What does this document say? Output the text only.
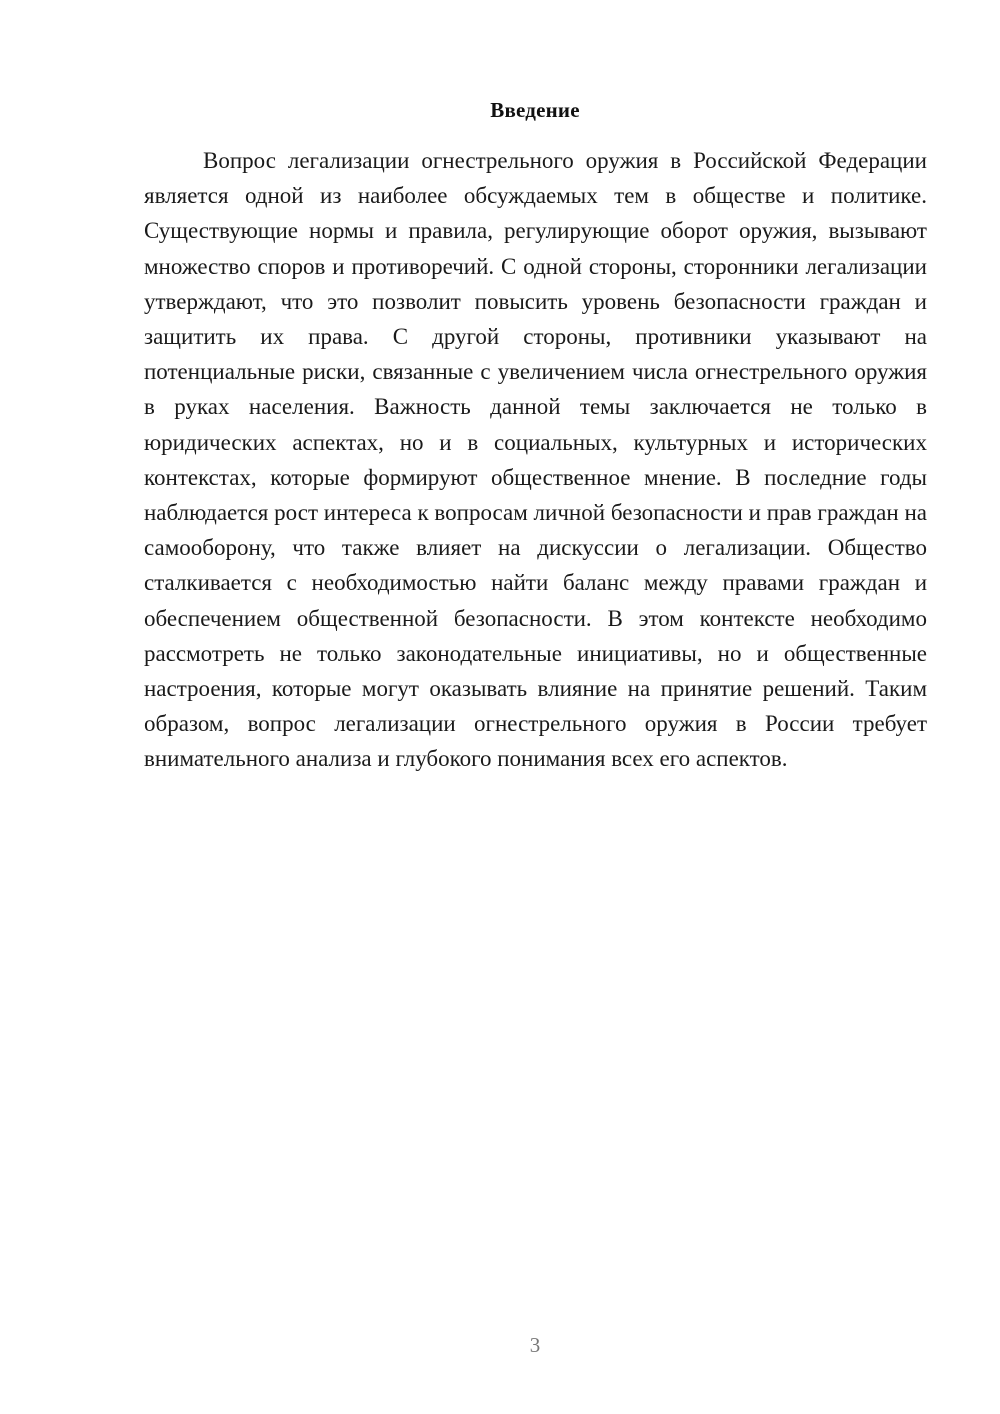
Введение

Вопрос легализации огнестрельного оружия в Российской Федерации является одной из наиболее обсуждаемых тем в обществе и политике. Существующие нормы и правила, регулирующие оборот оружия, вызывают множество споров и противоречий. С одной стороны, сторонники легализации утверждают, что это позволит повысить уровень безопасности граждан и защитить их права. С другой стороны, противники указывают на потенциальные риски, связанные с увеличением числа огнестрельного оружия в руках населения. Важность данной темы заключается не только в юридических аспектах, но и в социальных, культурных и исторических контекстах, которые формируют общественное мнение. В последние годы наблюдается рост интереса к вопросам личной безопасности и прав граждан на самооборону, что также влияет на дискуссии о легализации. Общество сталкивается с необходимостью найти баланс между правами граждан и обеспечением общественной безопасности. В этом контексте необходимо рассмотреть не только законодательные инициативы, но и общественные настроения, которые могут оказывать влияние на принятие решений. Таким образом, вопрос легализации огнестрельного оружия в России требует внимательного анализа и глубокого понимания всех его аспектов.

3
